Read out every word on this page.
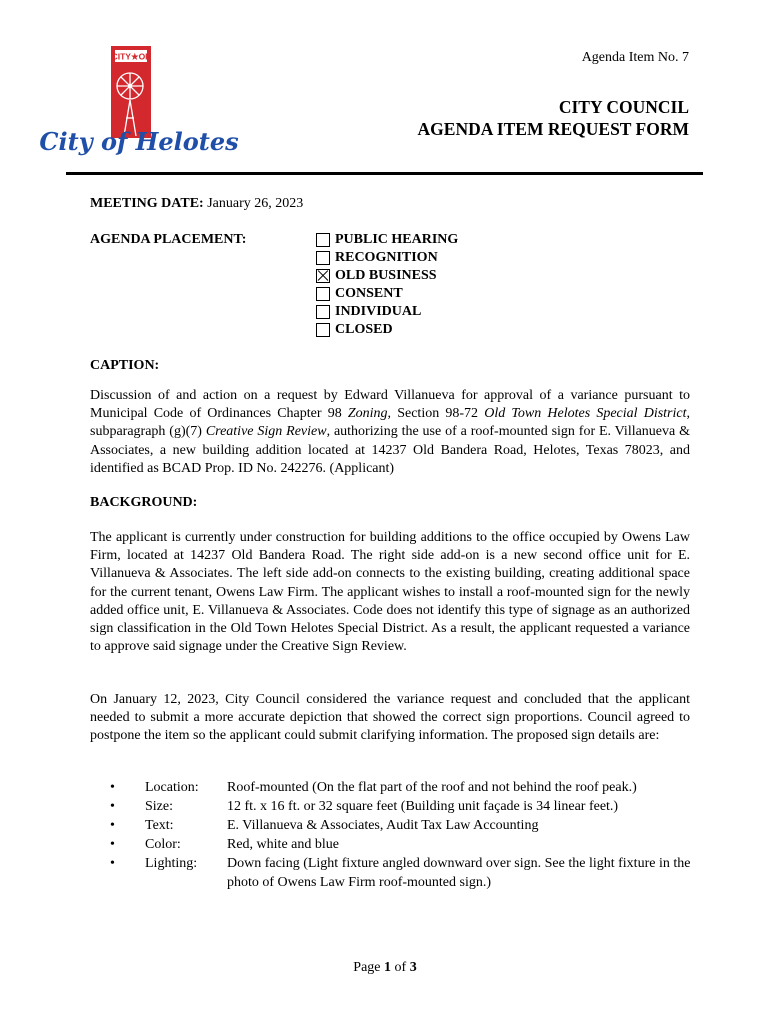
CITY★OF
City of Helotes
Agenda Item No. 7
CITY COUNCIL
AGENDA ITEM REQUEST FORM
MEETING DATE: January 26, 2023
AGENDA PLACEMENT:	PUBLIC HEARING
RECOGNITION
OLD BUSINESS
CONSENT
INDIVIDUAL
CLOSED
CAPTION:
Discussion of and action on a request by Edward Villanueva for approval of a variance pursuant to Municipal Code of Ordinances Chapter 98 Zoning, Section 98-72 Old Town Helotes Special District, subparagraph (g)(7) Creative Sign Review, authorizing the use of a roof-mounted sign for E. Villanueva & Associates, a new building addition located at 14237 Old Bandera Road, Helotes, Texas 78023, and identified as BCAD Prop. ID No. 242276. (Applicant)
BACKGROUND:
The applicant is currently under construction for building additions to the office occupied by Owens Law Firm, located at 14237 Old Bandera Road. The right side add-on is a new second office unit for E. Villanueva & Associates. The left side add-on connects to the existing building, creating additional space for the current tenant, Owens Law Firm. The applicant wishes to install a roof-mounted sign for the newly added office unit, E. Villanueva & Associates. Code does not identify this type of signage as an authorized sign classification in the Old Town Helotes Special District. As a result, the applicant requested a variance to approve said signage under the Creative Sign Review.
On January 12, 2023, City Council considered the variance request and concluded that the applicant needed to submit a more accurate depiction that showed the correct sign proportions. Council agreed to postpone the item so the applicant could submit clarifying information. The proposed sign details are:
•	Location:	Roof-mounted (On the flat part of the roof and not behind the roof peak.)
•	Size:	12 ft. x 16 ft. or 32 square feet (Building unit façade is 34 linear feet.)
•	Text:	E. Villanueva & Associates, Audit Tax Law Accounting
•	Color:	Red, white and blue
•	Lighting:	Down facing (Light fixture angled downward over sign. See the light fixture in the photo of Owens Law Firm roof-mounted sign.)
Page 1 of 3
